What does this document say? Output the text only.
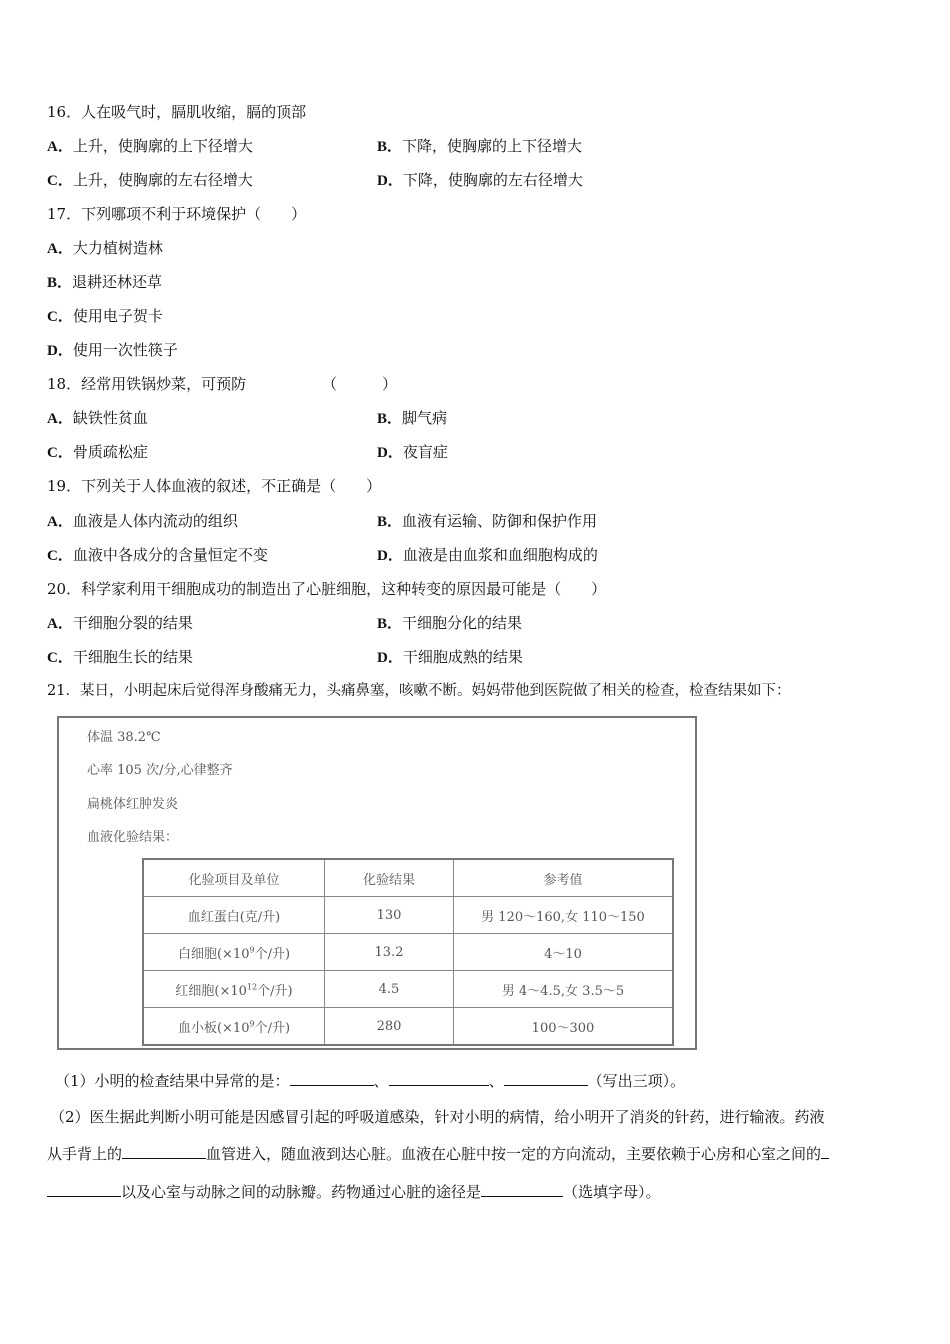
16．人在吸气时，膈肌收缩，膈的顶部
A．上升，使胸廓的上下径增大	B．下降，使胸廓的上下径增大
C．上升，使胸廓的左右径增大	D．下降，使胸廓的左右径增大
17．下列哪项不利于环境保护（　　）
A．大力植树造林
B．退耕还林还草
C．使用电子贺卡
D．使用一次性筷子
18．经常用铁锅炒菜，可预防	（　　　）
A．缺铁性贫血	B．脚气病
C．骨质疏松症	D．夜盲症
19．下列关于人体血液的叙述，不正确是（　　）
A．血液是人体内流动的组织	B．血液有运输、防御和保护作用
C．血液中各成分的含量恒定不变	D．血液是由血浆和血细胞构成的
20．科学家利用干细胞成功的制造出了心脏细胞，这种转变的原因最可能是（　　）
A．干细胞分裂的结果	B．干细胞分化的结果
C．干细胞生长的结果	D．干细胞成熟的结果
21．某日，小明起床后觉得浑身酸痛无力，头痛鼻塞，咳嗽不断。妈妈带他到医院做了相关的检查，检查结果如下：
体温 38.2℃
心率 105 次/分,心律整齐
扁桃体红肿发炎
血液化验结果：
化验项目及单位	化验结果	参考值
血红蛋白(克/升)	130	男 120～160,女 110～150
白细胞($\times 10^9$个/升)	13.2	4～10
红细胞($\times 10^{12}$个/升)	4.5	男 4～4.5,女 3.5～5
血小板($\times 10^9$个/升)	280	100～300
（1）小明的检查结果中异常的是：	、	、	（写出三项）。
（2）医生据此判断小明可能是因感冒引起的呼吸道感染，针对小明的病情，给小明开了消炎的针药，进行输液。药液
从手背上的	血管进入，随血液到达心脏。血液在心脏中按一定的方向流动，主要依赖于心房和心室之间的
以及心室与动脉之间的动脉瓣。药物通过心脏的途径是	（选填字母）。
